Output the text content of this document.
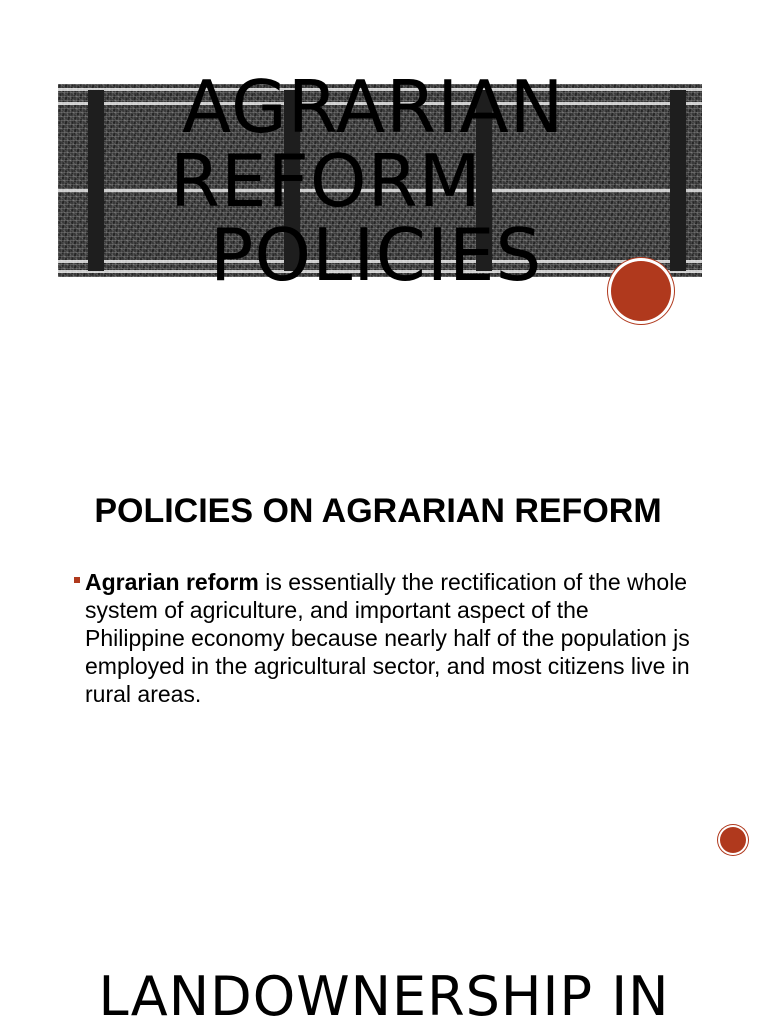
AGRARIAN
REFORM
POLICIES
POLICIES ON AGRARIAN REFORM
Agrarian reform is essentially the rectification of the whole system of agriculture, and important aspect of the Philippine economy because nearly half of the population js employed in the agricultural sector, and most citizens live in rural areas.
LANDOWNERSHIP IN
